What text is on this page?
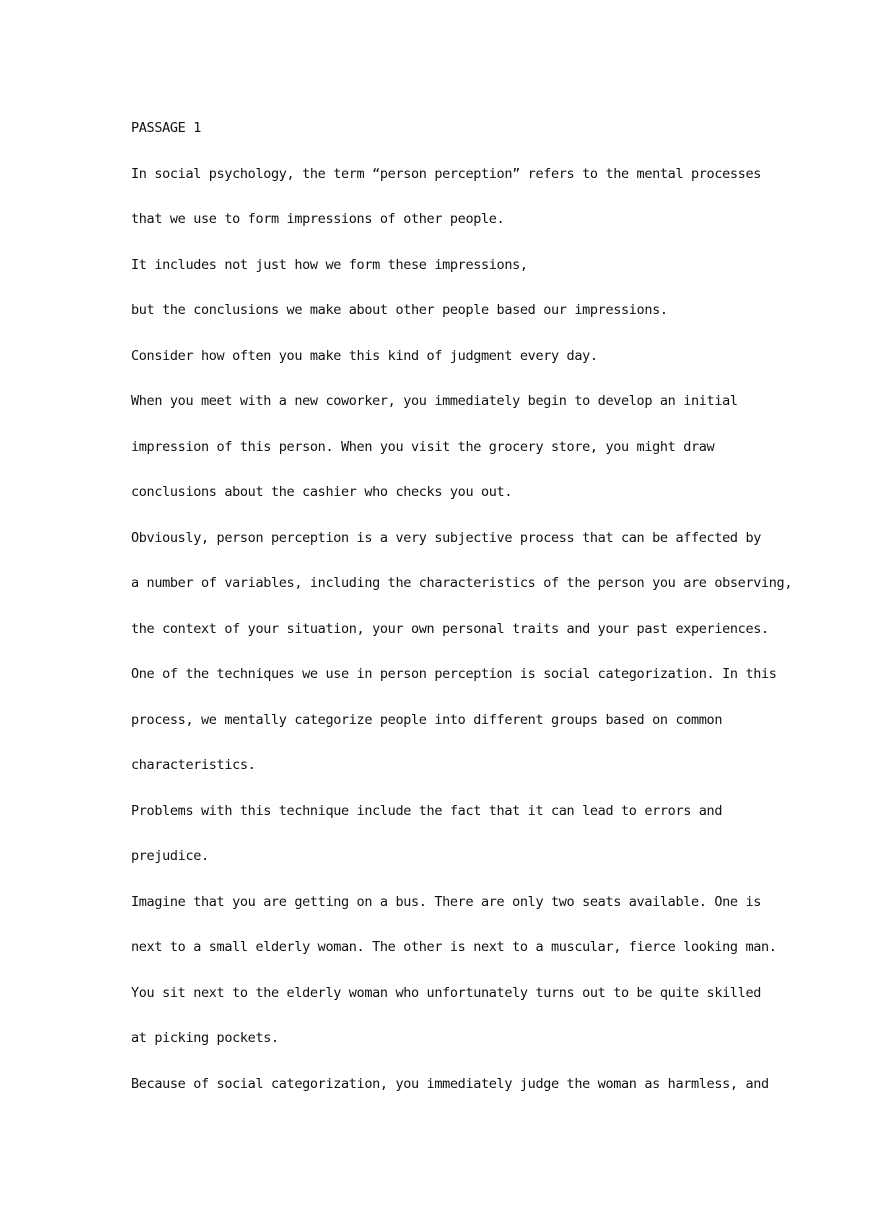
PASSAGE 1
In social psychology, the term “person perception” refers to the mental processes
that we use to form impressions of other people.
It includes not just how we form these impressions,
but the conclusions we make about other people based our impressions.
Consider how often you make this kind of judgment every day.
When you meet with a new coworker, you immediately begin to develop an initial
impression of this person. When you visit the grocery store, you might draw
conclusions about the cashier who checks you out.
Obviously, person perception is a very subjective process that can be affected by
a number of variables, including the characteristics of the person you are observing,
the context of your situation, your own personal traits and your past experiences.
One of the techniques we use in person perception is social categorization. In this
process, we mentally categorize people into different groups based on common
characteristics.
Problems with this technique include the fact that it can lead to errors and
prejudice.
Imagine that you are getting on a bus. There are only two seats available. One is
next to a small elderly woman. The other is next to a muscular, fierce looking man.
You sit next to the elderly woman who unfortunately turns out to be quite skilled
at picking pockets.
Because of social categorization, you immediately judge the woman as harmless, and
